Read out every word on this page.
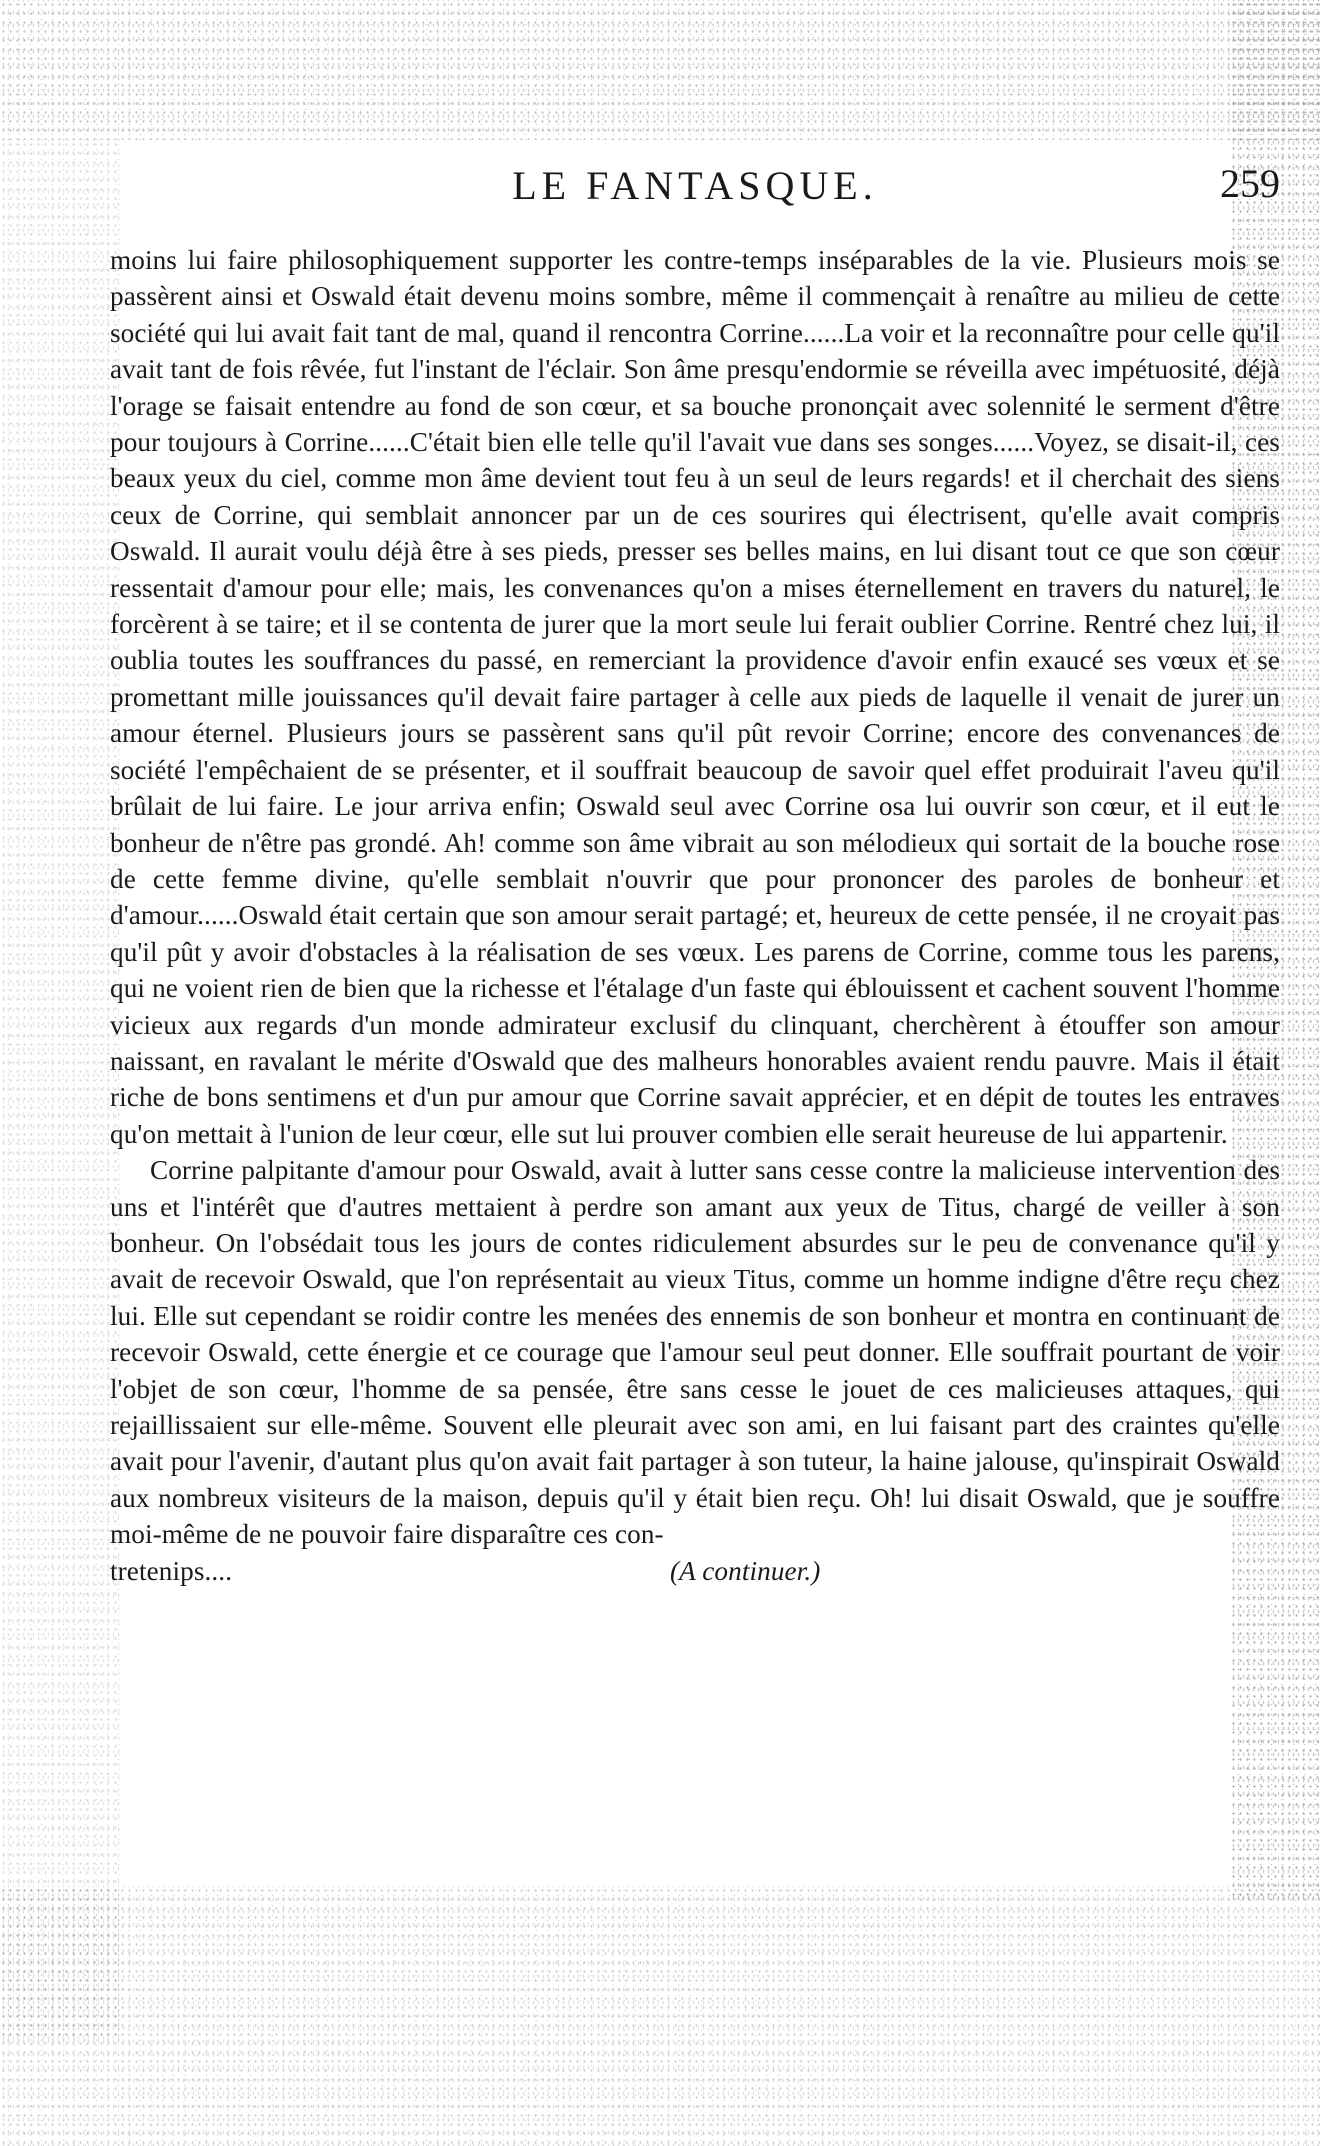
LE FANTASQUE.	259

moins lui faire philosophiquement supporter les contre-temps inséparables de la vie. Plusieurs mois se passèrent ainsi et Oswald était devenu moins sombre, même il commençait à renaître au milieu de cette société qui lui avait fait tant de mal, quand il rencontra Corrine......La voir et la reconnaître pour celle qu'il avait tant de fois rêvée, fut l'instant de l'éclair. Son âme presqu'endormie se réveilla avec impétuosité, déjà l'orage se faisait entendre au fond de son cœur, et sa bouche prononçait avec solennité le serment d'être pour toujours à Corrine......C'était bien elle telle qu'il l'avait vue dans ses songes......Voyez, se disait-il, ces beaux yeux du ciel, comme mon âme devient tout feu à un seul de leurs regards! et il cherchait des siens ceux de Corrine, qui semblait annoncer par un de ces sourires qui électrisent, qu'elle avait compris Oswald. Il aurait voulu déjà être à ses pieds, presser ses belles mains, en lui disant tout ce que son cœur ressentait d'amour pour elle; mais, les convenances qu'on a mises éternellement en travers du naturel, le forcèrent à se taire; et il se contenta de jurer que la mort seule lui ferait oublier Corrine. Rentré chez lui, il oublia toutes les souffrances du passé, en remerciant la providence d'avoir enfin exaucé ses vœux et se promettant mille jouissances qu'il devait faire partager à celle aux pieds de laquelle il venait de jurer un amour éternel. Plusieurs jours se passèrent sans qu'il pût revoir Corrine; encore des convenances de société l'empêchaient de se présenter, et il souffrait beaucoup de savoir quel effet produirait l'aveu qu'il brûlait de lui faire. Le jour arriva enfin; Oswald seul avec Corrine osa lui ouvrir son cœur, et il eut le bonheur de n'être pas grondé. Ah! comme son âme vibrait au son mélodieux qui sortait de la bouche rose de cette femme divine, qu'elle semblait n'ouvrir que pour prononcer des paroles de bonheur et d'amour......Oswald était certain que son amour serait partagé; et, heureux de cette pensée, il ne croyait pas qu'il pût y avoir d'obstacles à la réalisation de ses vœux. Les parens de Corrine, comme tous les parens, qui ne voient rien de bien que la richesse et l'étalage d'un faste qui éblouissent et cachent souvent l'homme vicieux aux regards d'un monde admirateur exclusif du clinquant, cherchèrent à étouffer son amour naissant, en ravalant le mérite d'Oswald que des malheurs honorables avaient rendu pauvre. Mais il était riche de bons sentimens et d'un pur amour que Corrine savait apprécier, et en dépit de toutes les entraves qu'on mettait à l'union de leur cœur, elle sut lui prouver combien elle serait heureuse de lui appartenir.

Corrine palpitante d'amour pour Oswald, avait à lutter sans cesse contre la malicieuse intervention des uns et l'intérêt que d'autres mettaient à perdre son amant aux yeux de Titus, chargé de veiller à son bonheur. On l'obsédait tous les jours de contes ridiculement absurdes sur le peu de convenance qu'il y avait de recevoir Oswald, que l'on représentait au vieux Titus, comme un homme indigne d'être reçu chez lui. Elle sut cependant se roidir contre les menées des ennemis de son bonheur et montra en continuant de recevoir Oswald, cette énergie et ce courage que l'amour seul peut donner. Elle souffrait pourtant de voir l'objet de son cœur, l'homme de sa pensée, être sans cesse le jouet de ces malicieuses attaques, qui rejaillissaient sur elle-même. Souvent elle pleurait avec son ami, en lui faisant part des craintes qu'elle avait pour l'avenir, d'autant plus qu'on avait fait partager à son tuteur, la haine jalouse, qu'inspirait Oswald aux nombreux visiteurs de la maison, depuis qu'il y était bien reçu. Oh! lui disait Oswald, que je souffre moi-même de ne pouvoir faire disparaître ces con-

tretenips....	(A continuer.)
